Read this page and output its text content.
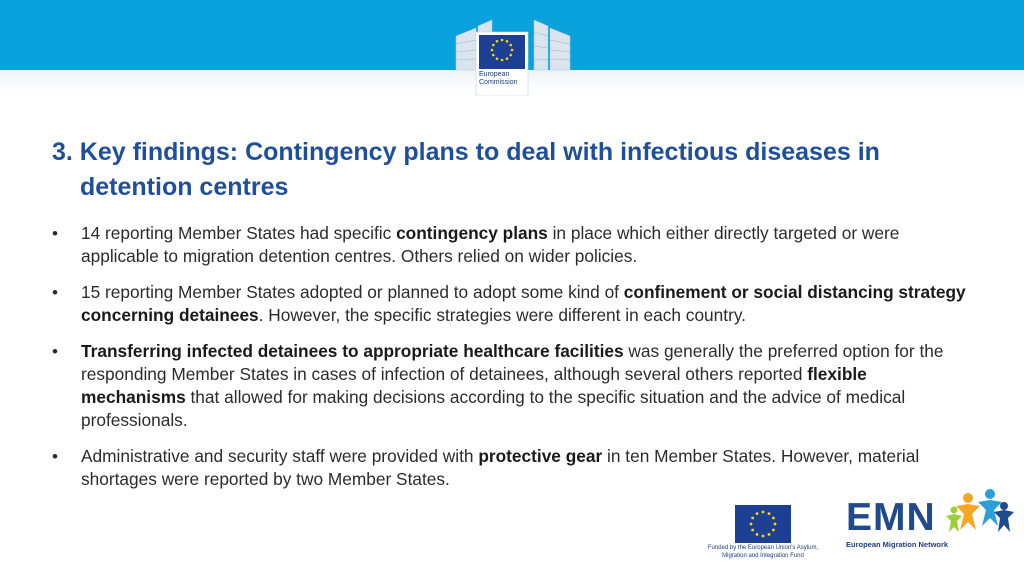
European Commission
3. Key findings: Contingency plans to deal with infectious diseases in
detention centres
•	14 reporting Member States had specific contingency plans in place which either directly targeted or were applicable to migration detention centres. Others relied on wider policies.
•	15 reporting Member States adopted or planned to adopt some kind of confinement or social distancing strategy concerning detainees. However, the specific strategies were different in each country.
•	Transferring infected detainees to appropriate healthcare facilities was generally the preferred option for the responding Member States in cases of infection of detainees, although several others reported flexible mechanisms that allowed for making decisions according to the specific situation and the advice of medical professionals.
•	Administrative and security staff were provided with protective gear in ten Member States. However, material shortages were reported by two Member States.
Funded by the European Union's Asylum, Migration and Integration Fund
EMN
European Migration Network
